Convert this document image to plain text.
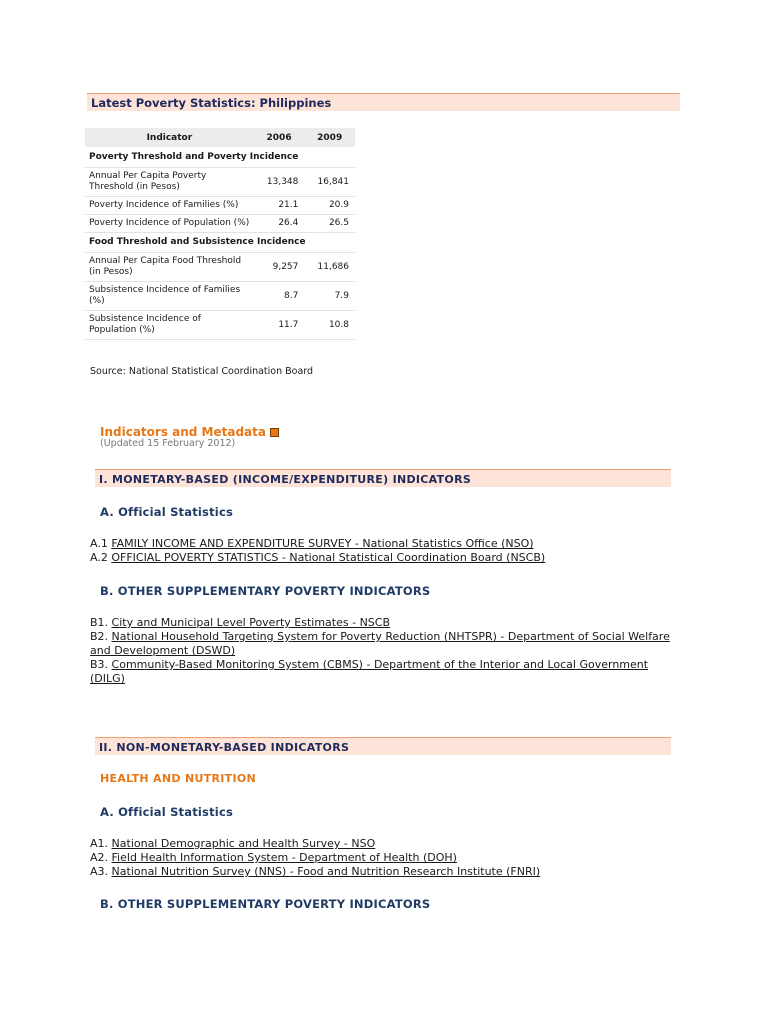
Latest Poverty Statistics: Philippines
Indicator	2006	2009
Poverty Threshold and Poverty Incidence		
Annual Per Capita Poverty Threshold (in Pesos)	13,348	16,841
Poverty Incidence of Families (%)	21.1	20.9
Poverty Incidence of Population (%)	26.4	26.5
Food Threshold and Subsistence Incidence		
Annual Per Capita Food Threshold (in Pesos)	9,257	11,686
Subsistence Incidence of Families (%)	8.7	7.9
Subsistence Incidence of Population (%)	11.7	10.8
Source: National Statistical Coordination Board
Indicators and Metadata
(Updated 15 February 2012)
I. MONETARY-BASED (INCOME/EXPENDITURE) INDICATORS
A. Official Statistics

A.1 FAMILY INCOME AND EXPENDITURE SURVEY - National Statistics Office (NSO)

A.2 OFFICIAL POVERTY STATISTICS - National Statistical Coordination Board (NSCB)

B. OTHER SUPPLEMENTARY POVERTY INDICATORS

B1. City and Municipal Level Poverty Estimates - NSCB

B2. National Household Targeting System for Poverty Reduction (NHTSPR) - Department of Social Welfare and Development (DSWD)

B3. Community-Based Monitoring System (CBMS) - Department of the Interior and Local Government (DILG)

II. NON-MONETARY-BASED INDICATORS
HEALTH AND NUTRITION
A. Official Statistics

A1. National Demographic and Health Survey - NSO

A2. Field Health Information System - Department of Health (DOH)

A3. National Nutrition Survey (NNS) - Food and Nutrition Research Institute (FNRI)

B. OTHER SUPPLEMENTARY POVERTY INDICATORS
